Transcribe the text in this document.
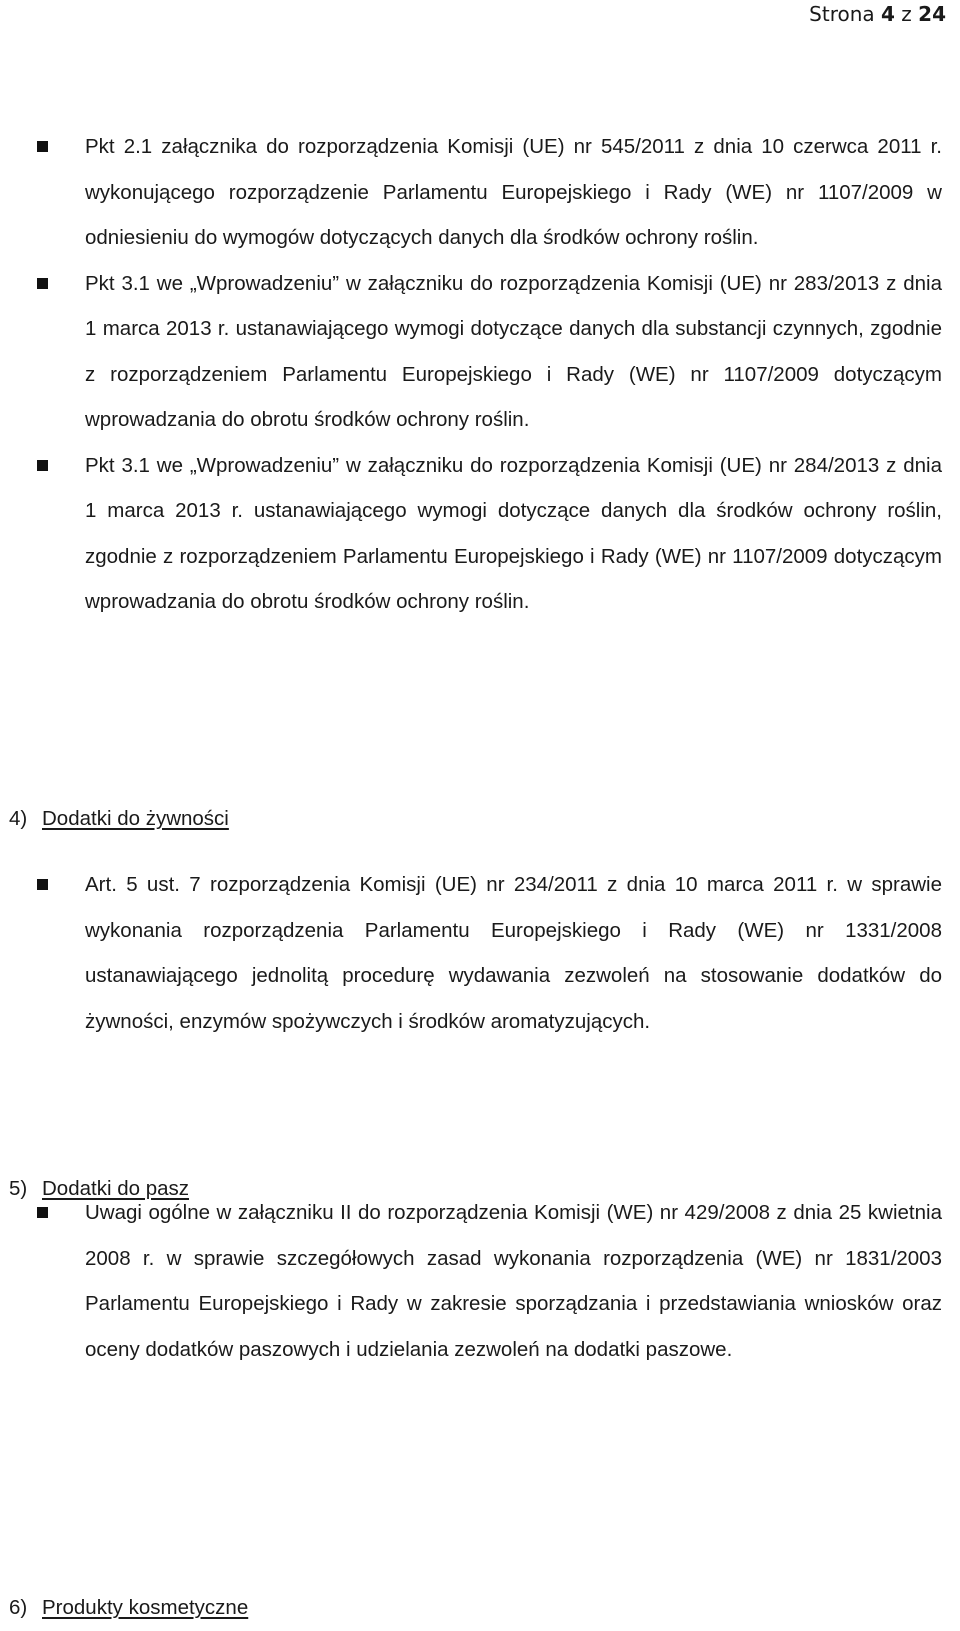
Strona 4 z 24
Pkt 2.1 załącznika do rozporządzenia Komisji (UE) nr 545/2011 z dnia 10 czerwca 2011 r. wykonującego rozporządzenie Parlamentu Europejskiego i Rady (WE) nr 1107/2009 w odniesieniu do wymogów dotyczących danych dla środków ochrony roślin.
Pkt 3.1 we „Wprowadzeniu” w załączniku do rozporządzenia Komisji (UE) nr 283/2013 z dnia 1 marca 2013 r. ustanawiającego wymogi dotyczące danych dla substancji czynnych, zgodnie z rozporządzeniem Parlamentu Europejskiego i Rady (WE) nr 1107/2009 dotyczącym wprowadzania do obrotu środków ochrony roślin.
Pkt 3.1 we „Wprowadzeniu” w załączniku do rozporządzenia Komisji (UE) nr 284/2013 z dnia 1 marca 2013 r. ustanawiającego wymogi dotyczące danych dla środków ochrony roślin, zgodnie z rozporządzeniem Parlamentu Europejskiego i Rady (WE) nr 1107/2009 dotyczącym wprowadzania do obrotu środków ochrony roślin.
4) Dodatki do żywności
Art. 5 ust. 7 rozporządzenia Komisji (UE) nr 234/2011 z dnia 10 marca 2011 r. w sprawie wykonania rozporządzenia Parlamentu Europejskiego i Rady (WE) nr 1331/2008 ustanawiającego jednolitą procedurę wydawania zezwoleń na stosowanie dodatków do żywności, enzymów spożywczych i środków aromatyzujących.
5) Dodatki do pasz
Uwagi ogólne w załączniku II do rozporządzenia Komisji (WE) nr 429/2008 z dnia 25 kwietnia 2008 r. w sprawie szczegółowych zasad wykonania rozporządzenia (WE) nr 1831/2003 Parlamentu Europejskiego i Rady w zakresie sporządzania i przedstawiania wniosków oraz oceny dodatków paszowych i udzielania zezwoleń na dodatki paszowe.
6) Produkty kosmetyczne
